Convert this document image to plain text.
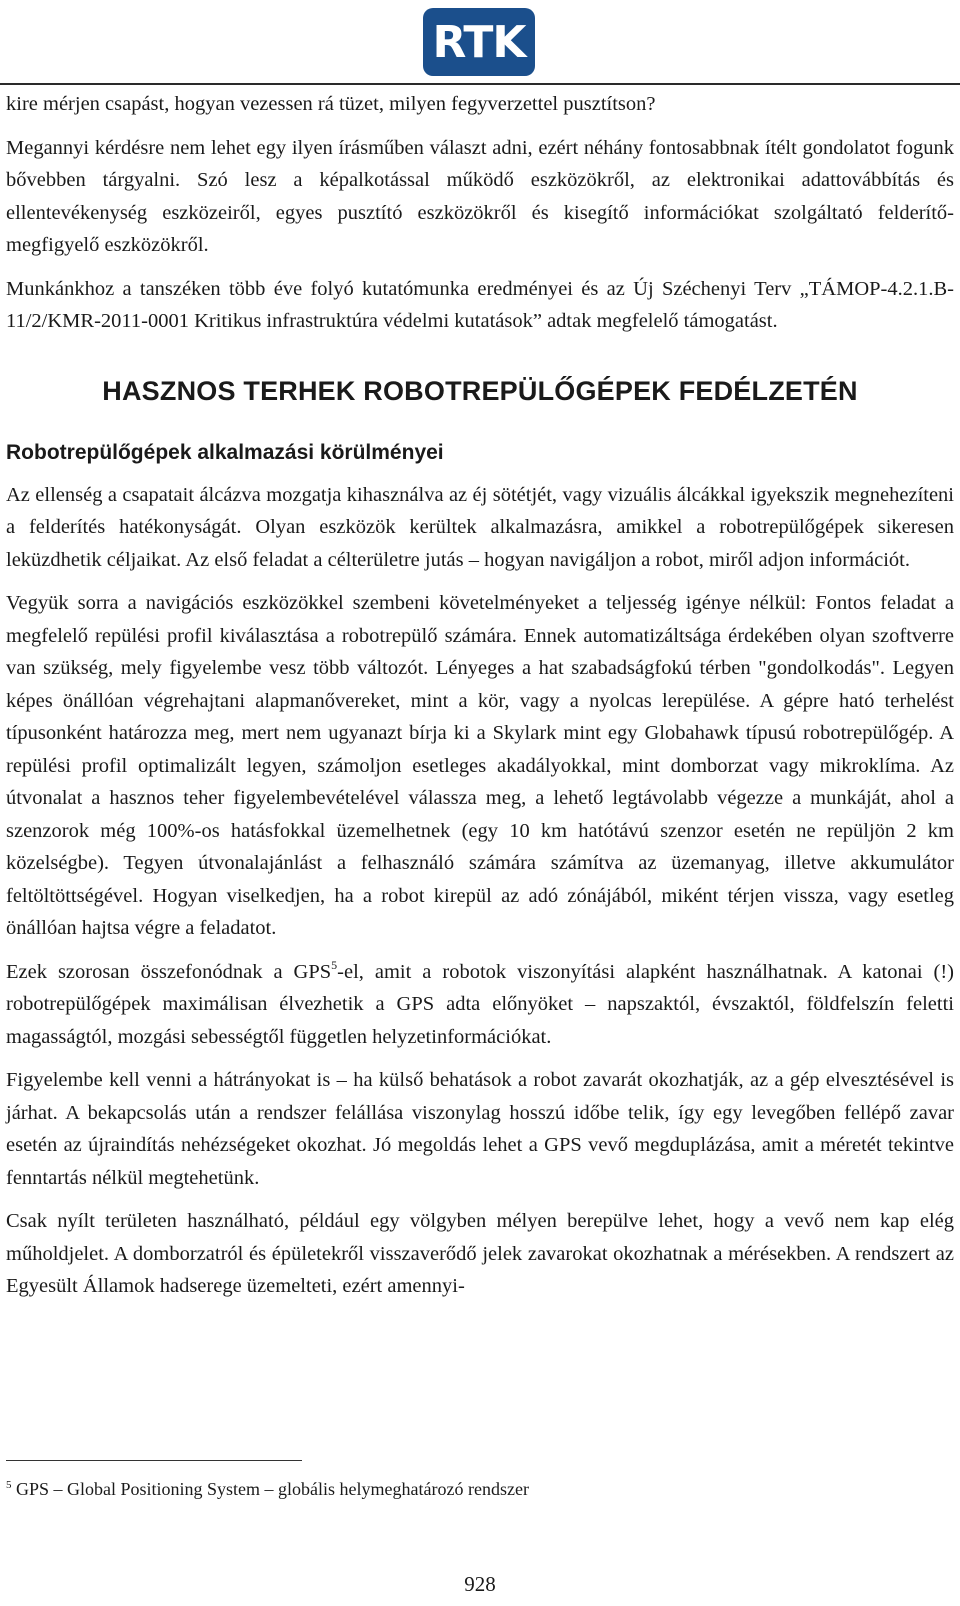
RTK

kire mérjen csapást, hogyan vezessen rá tüzet, milyen fegyverzettel pusztítson?

Megannyi kérdésre nem lehet egy ilyen írásműben választ adni, ezért néhány fontosabbnak ítélt gondolatot fogunk bővebben tárgyalni. Szó lesz a képalkotással működő eszközökről, az elektronikai adattovábbítás és ellentevékenység eszközeiről, egyes pusztító eszközökről és kisegítő információkat szolgáltató felderítő-megfigyelő eszközökről.

Munkánkhoz a tanszéken több éve folyó kutatómunka eredményei és az Új Széchenyi Terv „TÁMOP-4.2.1.B-11/2/KMR-2011-0001 Kritikus infrastruktúra védelmi kutatások” adtak megfelelő támogatást.

HASZNOS TERHEK ROBOTREPÜLŐGÉPEK FEDÉLZETÉN
Robotrepülőgépek alkalmazási körülményei

Az ellenség a csapatait álcázva mozgatja kihasználva az éj sötétjét, vagy vizuális álcákkal igyekszik megnehezíteni a felderítés hatékonyságát. Olyan eszközök kerültek alkalmazásra, amikkel a robotrepülőgépek sikeresen leküzdhetik céljaikat. Az első feladat a célterületre jutás – hogyan navigáljon a robot, miről adjon információt.

Vegyük sorra a navigációs eszközökkel szembeni követelményeket a teljesség igénye nélkül: Fontos feladat a megfelelő repülési profil kiválasztása a robotrepülő számára. Ennek automatizáltsága érdekében olyan szoftverre van szükség, mely figyelembe vesz több változót. Lényeges a hat szabadságfokú térben "gondolkodás". Legyen képes önállóan végrehajtani alapmanővereket, mint a kör, vagy a nyolcas lerepülése. A gépre ható terhelést típusonként határozza meg, mert nem ugyanazt bírja ki a Skylark mint egy Globahawk típusú robotrepülőgép. A repülési profil optimalizált legyen, számoljon esetleges akadályokkal, mint domborzat vagy mikroklíma. Az útvonalat a hasznos teher figyelembevételével válassza meg, a lehető legtávolabb végezze a munkáját, ahol a szenzorok még 100%-os hatásfokkal üzemelhetnek (egy 10 km hatótávú szenzor esetén ne repüljön 2 km közelségbe). Tegyen útvonalajánlást a felhasználó számára számítva az üzemanyag, illetve akkumulátor feltöltöttségével. Hogyan viselkedjen, ha a robot kirepül az adó zónájából, miként térjen vissza, vagy esetleg önállóan hajtsa végre a feladatot.

Ezek szorosan összefonódnak a GPS$^5$-el, amit a robotok viszonyítási alapként használhatnak. A katonai (!) robotrepülőgépek maximálisan élvezhetik a GPS adta előnyöket – napszaktól, évszaktól, földfelszín feletti magasságtól, mozgási sebességtől független helyzetinformációkat.

Figyelembe kell venni a hátrányokat is – ha külső behatások a robot zavarát okozhatják, az a gép elvesztésével is járhat. A bekapcsolás után a rendszer felállása viszonylag hosszú időbe telik, így egy levegőben fellépő zavar esetén az újraindítás nehézségeket okozhat. Jó megoldás lehet a GPS vevő megduplázása, amit a méretét tekintve fenntartás nélkül megtehetünk.

Csak nyílt területen használható, például egy völgyben mélyen berepülve lehet, hogy a vevő nem kap elég műholdjelet. A domborzatról és épületekről visszaverődő jelek zavarokat okozhatnak a mérésekben. A rendszert az Egyesült Államok hadserege üzemelteti, ezért amennyi-

$^5$ GPS – Global Positioning System – globális helymeghatározó rendszer
928
